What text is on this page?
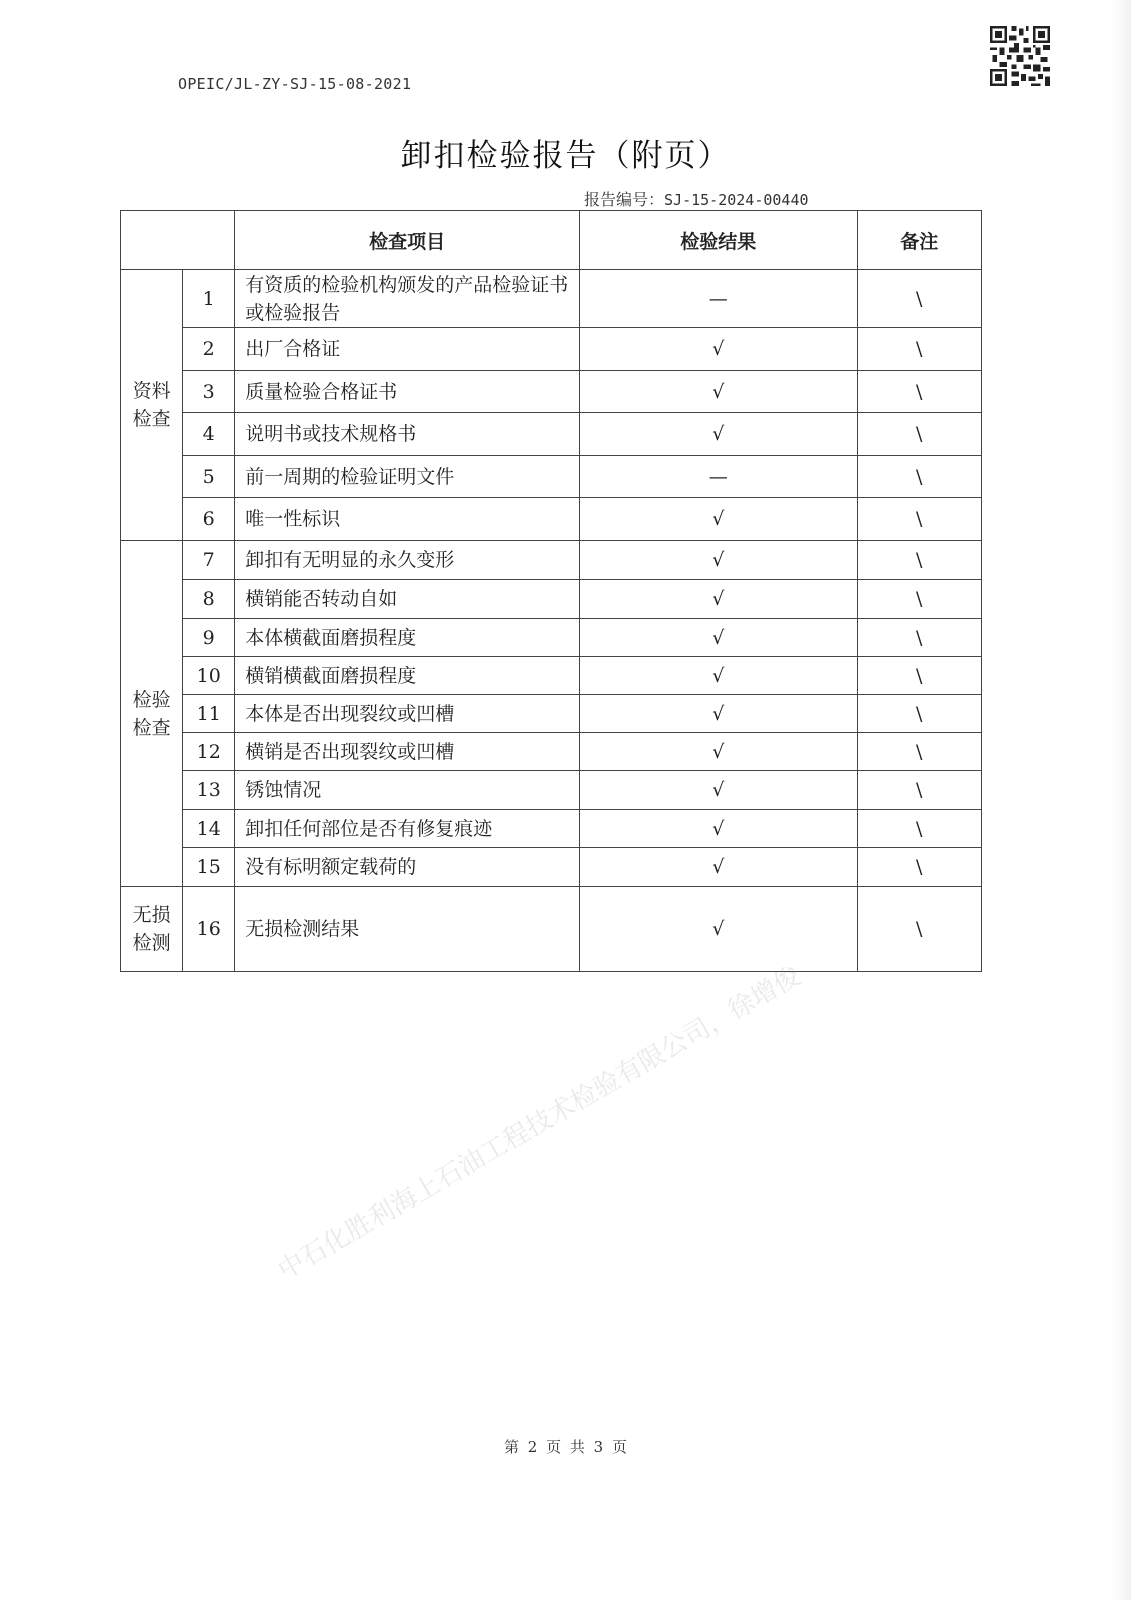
OPEIC/JL-ZY-SJ-15-08-2021
卸扣检验报告（附页）
报告编号：SJ-15-2024-00440
		检查项目	检验结果	备注
资料
检查	1	有资质的检验机构颁发的产品检验证书或检验报告	—	\
	2	出厂合格证	√	\
	3	质量检验合格证书	√	\
	4	说明书或技术规格书	√	\
	5	前一周期的检验证明文件	—	\
	6	唯一性标识	√	\
检验
检查	7	卸扣有无明显的永久变形	√	\
	8	横销能否转动自如	√	\
	9	本体横截面磨损程度	√	\
	10	横销横截面磨损程度	√	\
	11	本体是否出现裂纹或凹槽	√	\
	12	横销是否出现裂纹或凹槽	√	\
	13	锈蚀情况	√	\
	14	卸扣任何部位是否有修复痕迹	√	\
	15	没有标明额定载荷的	√	\
无损
检测	16	无损检测结果	√	\
第 2 页 共 3 页
中石化胜利海上石油工程技术检验有限公司，徐增俊
